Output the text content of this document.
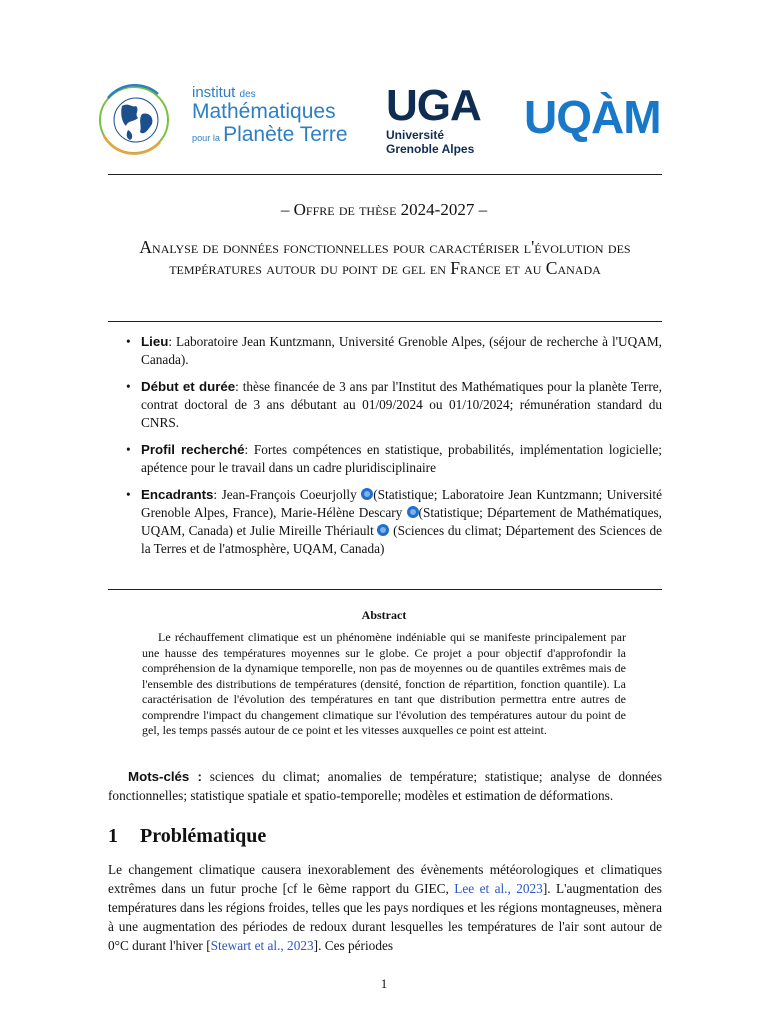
institut des
Mathématiques
pour la Planète Terre
UGA
Université
Grenoble Alpes
UQÀM
– Offre de thèse 2024-2027 –
Analyse de données fonctionnelles pour caractériser l'évolution des températures autour du point de gel en France et au Canada
• Lieu: Laboratoire Jean Kuntzmann, Université Grenoble Alpes, (séjour de recherche à l'UQAM, Canada).
• Début et durée: thèse financée de 3 ans par l'Institut des Mathématiques pour la planète Terre, contrat doctoral de 3 ans débutant au 01/09/2024 ou 01/10/2024; rémunération standard du CNRS.
• Profil recherché: Fortes compétences en statistique, probabilités, implémentation logicielle; apétence pour le travail dans un cadre pluridisciplinaire
• Encadrants: Jean-François Coeurjolly (Statistique; Laboratoire Jean Kuntzmann; Université Grenoble Alpes, France), Marie-Hélène Descary (Statistique; Département de Mathématiques, UQAM, Canada) et Julie Mireille Thériault  (Sciences du climat; Département des Sciences de la Terres et de l'atmosphère, UQAM, Canada)
Abstract
Le réchauffement climatique est un phénomène indéniable qui se manifeste principalement par une hausse des températures moyennes sur le globe. Ce projet a pour objectif d'approfondir la compréhension de la dynamique temporelle, non pas de moyennes ou de quantiles extrêmes mais de l'ensemble des distributions de températures (densité, fonction de répartition, fonction quantile). La caractérisation de l'évolution des températures en tant que distribution permettra entre autres de comprendre l'impact du changement climatique sur l'évolution des températures autour du point de gel, les temps passés autour de ce point et les vitesses auxquelles ce point est atteint.
Mots-clés : sciences du climat; anomalies de température; statistique; analyse de données fonctionnelles; statistique spatiale et spatio-temporelle; modèles et estimation de déformations.
1 Problématique
Le changement climatique causera inexorablement des évènements météorologiques et climatiques extrêmes dans un futur proche [cf le 6ème rapport du GIEC, Lee et al., 2023]. L'augmentation des températures dans les régions froides, telles que les pays nordiques et les régions montagneuses, mènera à une augmentation des périodes de redoux durant lesquelles les températures de l'air sont autour de 0°C durant l'hiver [Stewart et al., 2023]. Ces périodes
1
